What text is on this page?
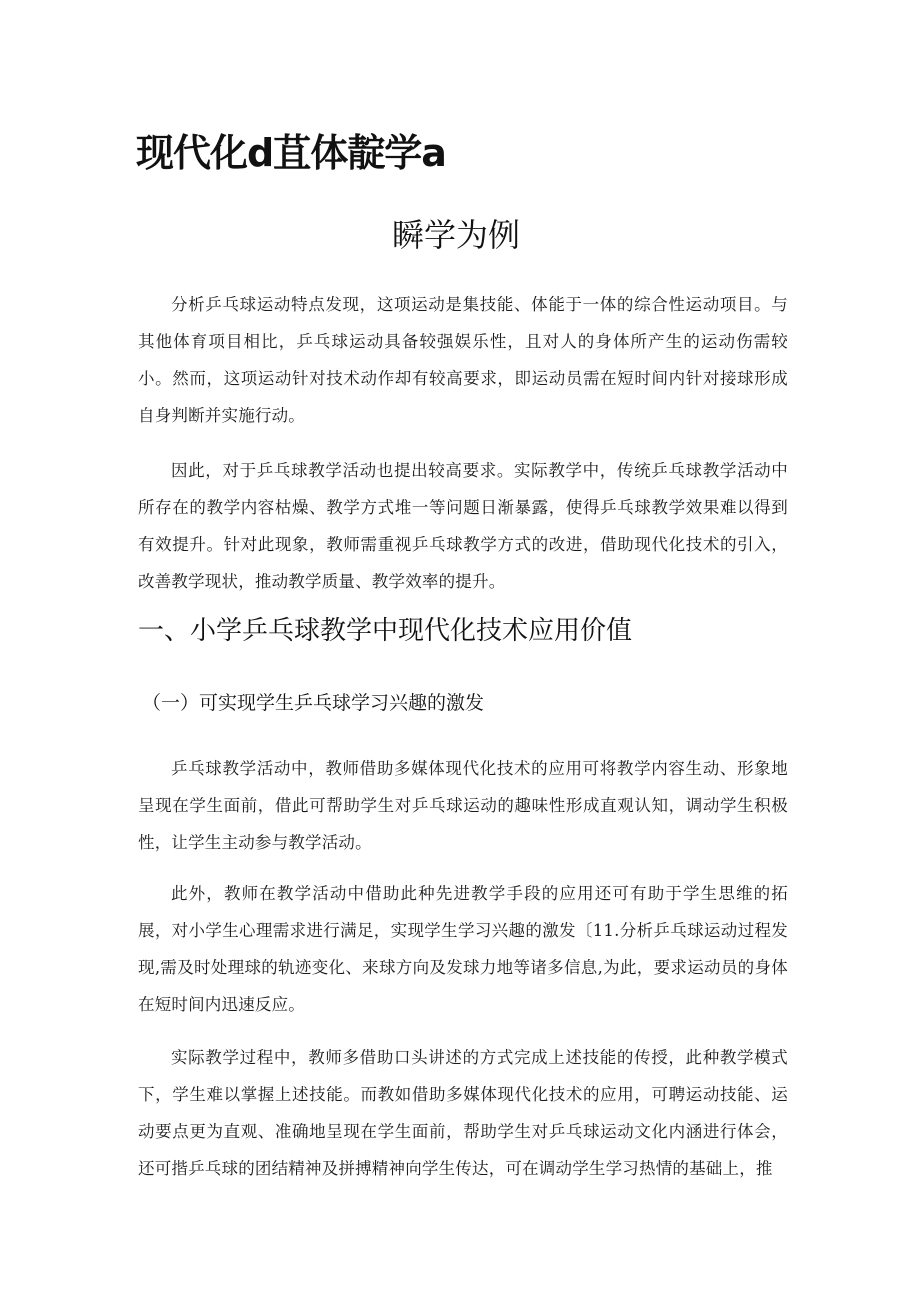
现代化d苴体靛学a
瞬学为例

分析乒乓球运动特点发现，这项运动是集技能、体能于一体的综合性运动项目。与其他体育项目相比，乒乓球运动具备较强娱乐性，且对人的身体所产生的运动伤需较小。然而，这项运动针对技术动作却有较高要求，即运动员需在短时间内针对接球形成自身判断并实施行动。

因此，对于乒乓球教学活动也提出较高要求。实际教学中，传统乒乓球教学活动中所存在的教学内容枯燥、教学方式堆一等问题日渐暴露，使得乒乓球教学效果难以得到有效提升。针对此现象，教师需重视乒乓球教学方式的改进，借助现代化技术的引入，改善教学现状，推动教学质量、教学效率的提升。

一、小学乒乓球教学中现代化技术应用价值
（一）可实现学生乒乓球学习兴趣的激发

乒乓球教学活动中，教师借助多媒体现代化技术的应用可将教学内容生动、形象地呈现在学生面前，借此可帮助学生对乒乓球运动的趣味性形成直观认知，调动学生积极性，让学生主动参与教学活动。

此外，教师在教学活动中借助此种先进教学手段的应用还可有助于学生思维的拓展，对小学生心理需求进行满足，实现学生学习兴趣的激发〔11.分析乒乓球运动过程发现,需及时处理球的轨迹变化、来球方向及发球力地等诸多信息,为此，要求运动员的身体在短时间内迅速反应。

实际教学过程中，教师多借助口头讲述的方式完成上述技能的传授，此种教学模式下，学生难以掌握上述技能。而教如借助多媒体现代化技术的应用，可聘运动技能、运动要点更为直观、准确地呈现在学生面前，帮助学生对乒乓球运动文化内涵进行体会，还可揩乒乓球的团结精神及拼搏精神向学生传达，可在调动学生学习热情的基础上，推
